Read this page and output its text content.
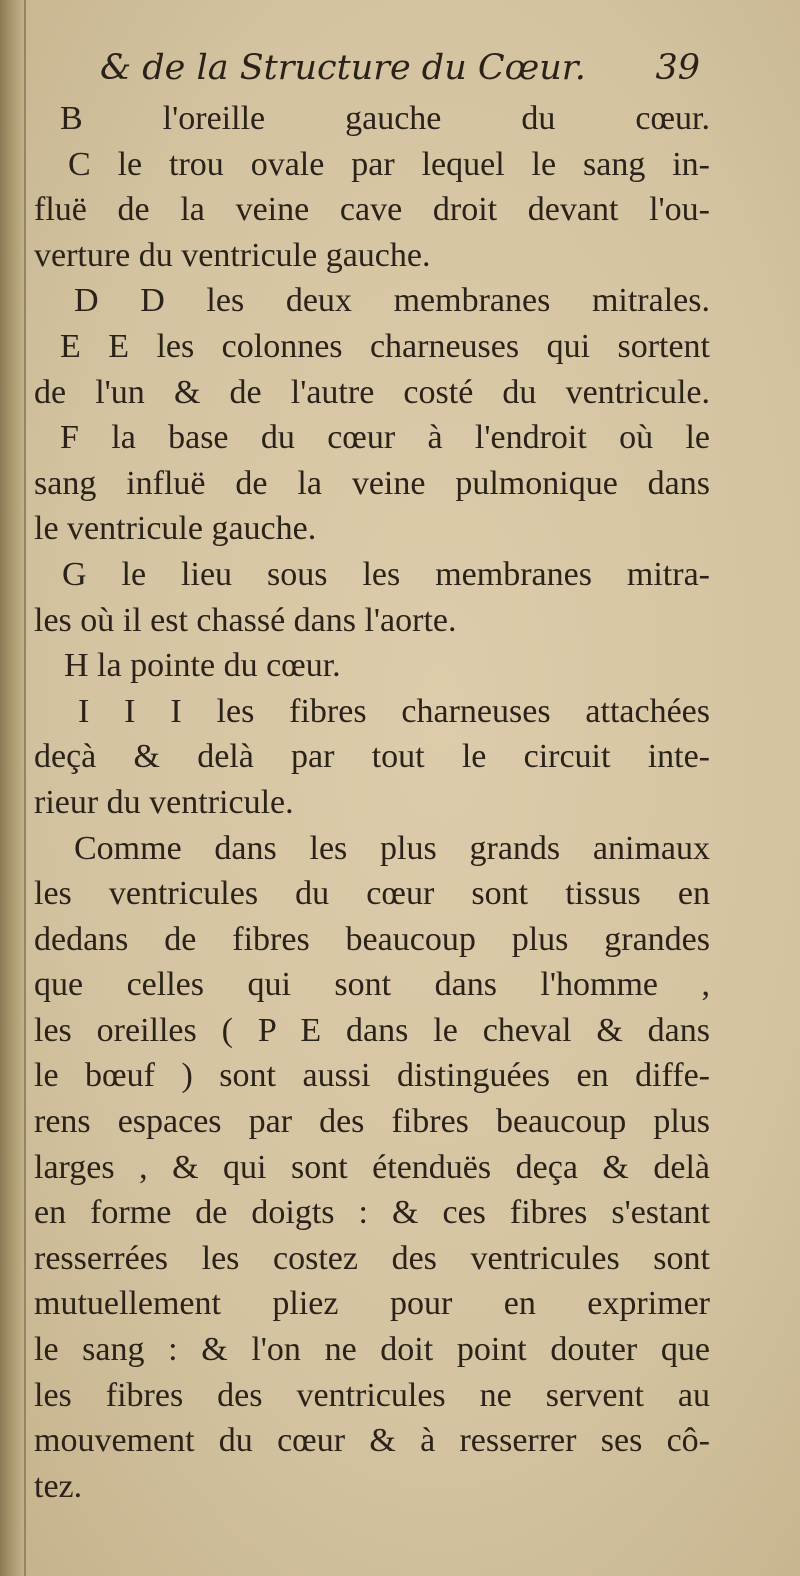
& de la Structure du Cœur. 39
B l'oreille gauche du cœur.
C le trou ovale par lequel le sang in-
fluë de la veine cave droit devant l'ou-
verture du ventricule gauche.
D D les deux membranes mitrales.
E E les colonnes charneuses qui sortent
de l'un & de l'autre costé du ventricule.
F la base du cœur à l'endroit où le
sang influë de la veine pulmonique dans
le ventricule gauche.
G le lieu sous les membranes mitra-
les où il est chassé dans l'aorte.
H la pointe du cœur.
I I I les fibres charneuses attachées
deçà & delà par tout le circuit inte-
rieur du ventricule.
Comme dans les plus grands animaux
les ventricules du cœur sont tissus en
dedans de fibres beaucoup plus grandes
que celles qui sont dans l'homme ,
les oreilles ( P E dans le cheval & dans
le bœuf ) sont aussi distinguées en diffe-
rens espaces par des fibres beaucoup plus
larges , & qui sont étenduës deça & delà
en forme de doigts : & ces fibres s'estant
resserrées les costez des ventricules sont
mutuellement pliez pour en exprimer
le sang : & l'on ne doit point douter que
les fibres des ventricules ne servent au
mouvement du cœur & à resserrer ses cô-
tez.
